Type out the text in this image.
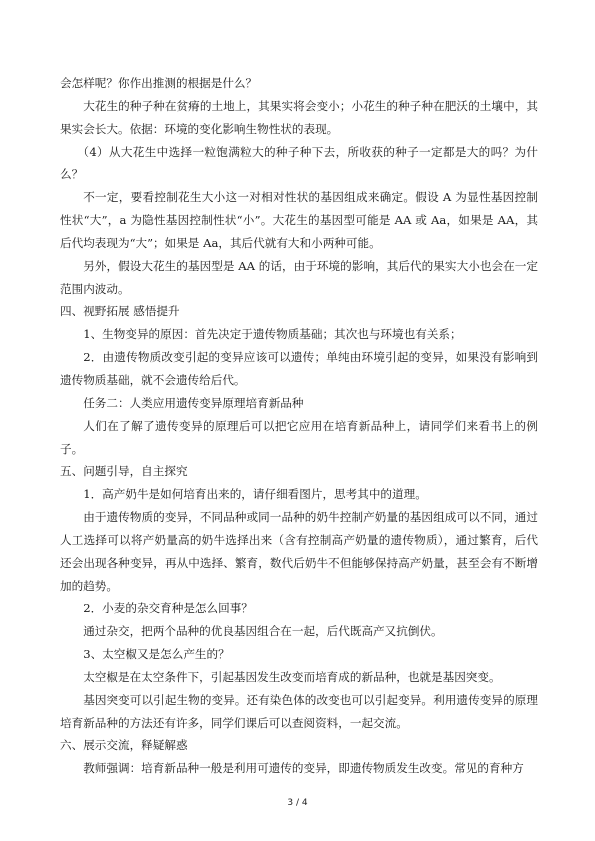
会怎样呢？你作出推测的根据是什么？

大花生的种子种在贫瘠的土地上，其果实将会变小；小花生的种子种在肥沃的土壤中，其果实会长大。依据：环境的变化影响生物性状的表现。

（4）从大花生中选择一粒饱满粒大的种子种下去，所收获的种子一定都是大的吗？为什么？

不一定，要看控制花生大小这一对相对性状的基因组成来确定。假设 A 为显性基因控制性状“大”，a 为隐性基因控制性状“小”。大花生的基因型可能是 AA 或 Aa，如果是 AA，其后代均表现为“大”；如果是 Aa，其后代就有大和小两种可能。

另外，假设大花生的基因型是 AA 的话，由于环境的影响，其后代的果实大小也会在一定范围内波动。

四、视野拓展 感悟提升

1、生物变异的原因：首先决定于遗传物质基础；其次也与环境也有关系；

2．由遗传物质改变引起的变异应该可以遗传；单纯由环境引起的变异，如果没有影响到遗传物质基础，就不会遗传给后代。

任务二：人类应用遗传变异原理培育新品种

人们在了解了遗传变异的原理后可以把它应用在培育新品种上，请同学们来看书上的例子。

五、问题引导，自主探究

1．高产奶牛是如何培育出来的，请仔细看图片，思考其中的道理。

由于遗传物质的变异，不同品种或同一品种的奶牛控制产奶量的基因组成可以不同，通过人工选择可以将产奶量高的奶牛选择出来（含有控制高产奶量的遗传物质），通过繁育，后代还会出现各种变异，再从中选择、繁育，数代后奶牛不但能够保持高产奶量，甚至会有不断增加的趋势。

2．小麦的杂交育种是怎么回事？

通过杂交，把两个品种的优良基因组合在一起，后代既高产又抗倒伏。

3、太空椒又是怎么产生的？

太空椒是在太空条件下，引起基因发生改变而培育成的新品种，也就是基因突变。

基因突变可以引起生物的变异。还有染色体的改变也可以引起变异。利用遗传变异的原理培育新品种的方法还有许多，同学们课后可以查阅资料，一起交流。

六、展示交流，释疑解惑

教师强调：培育新品种一般是利用可遗传的变异，即遗传物质发生改变。常见的育种方

3 / 4
